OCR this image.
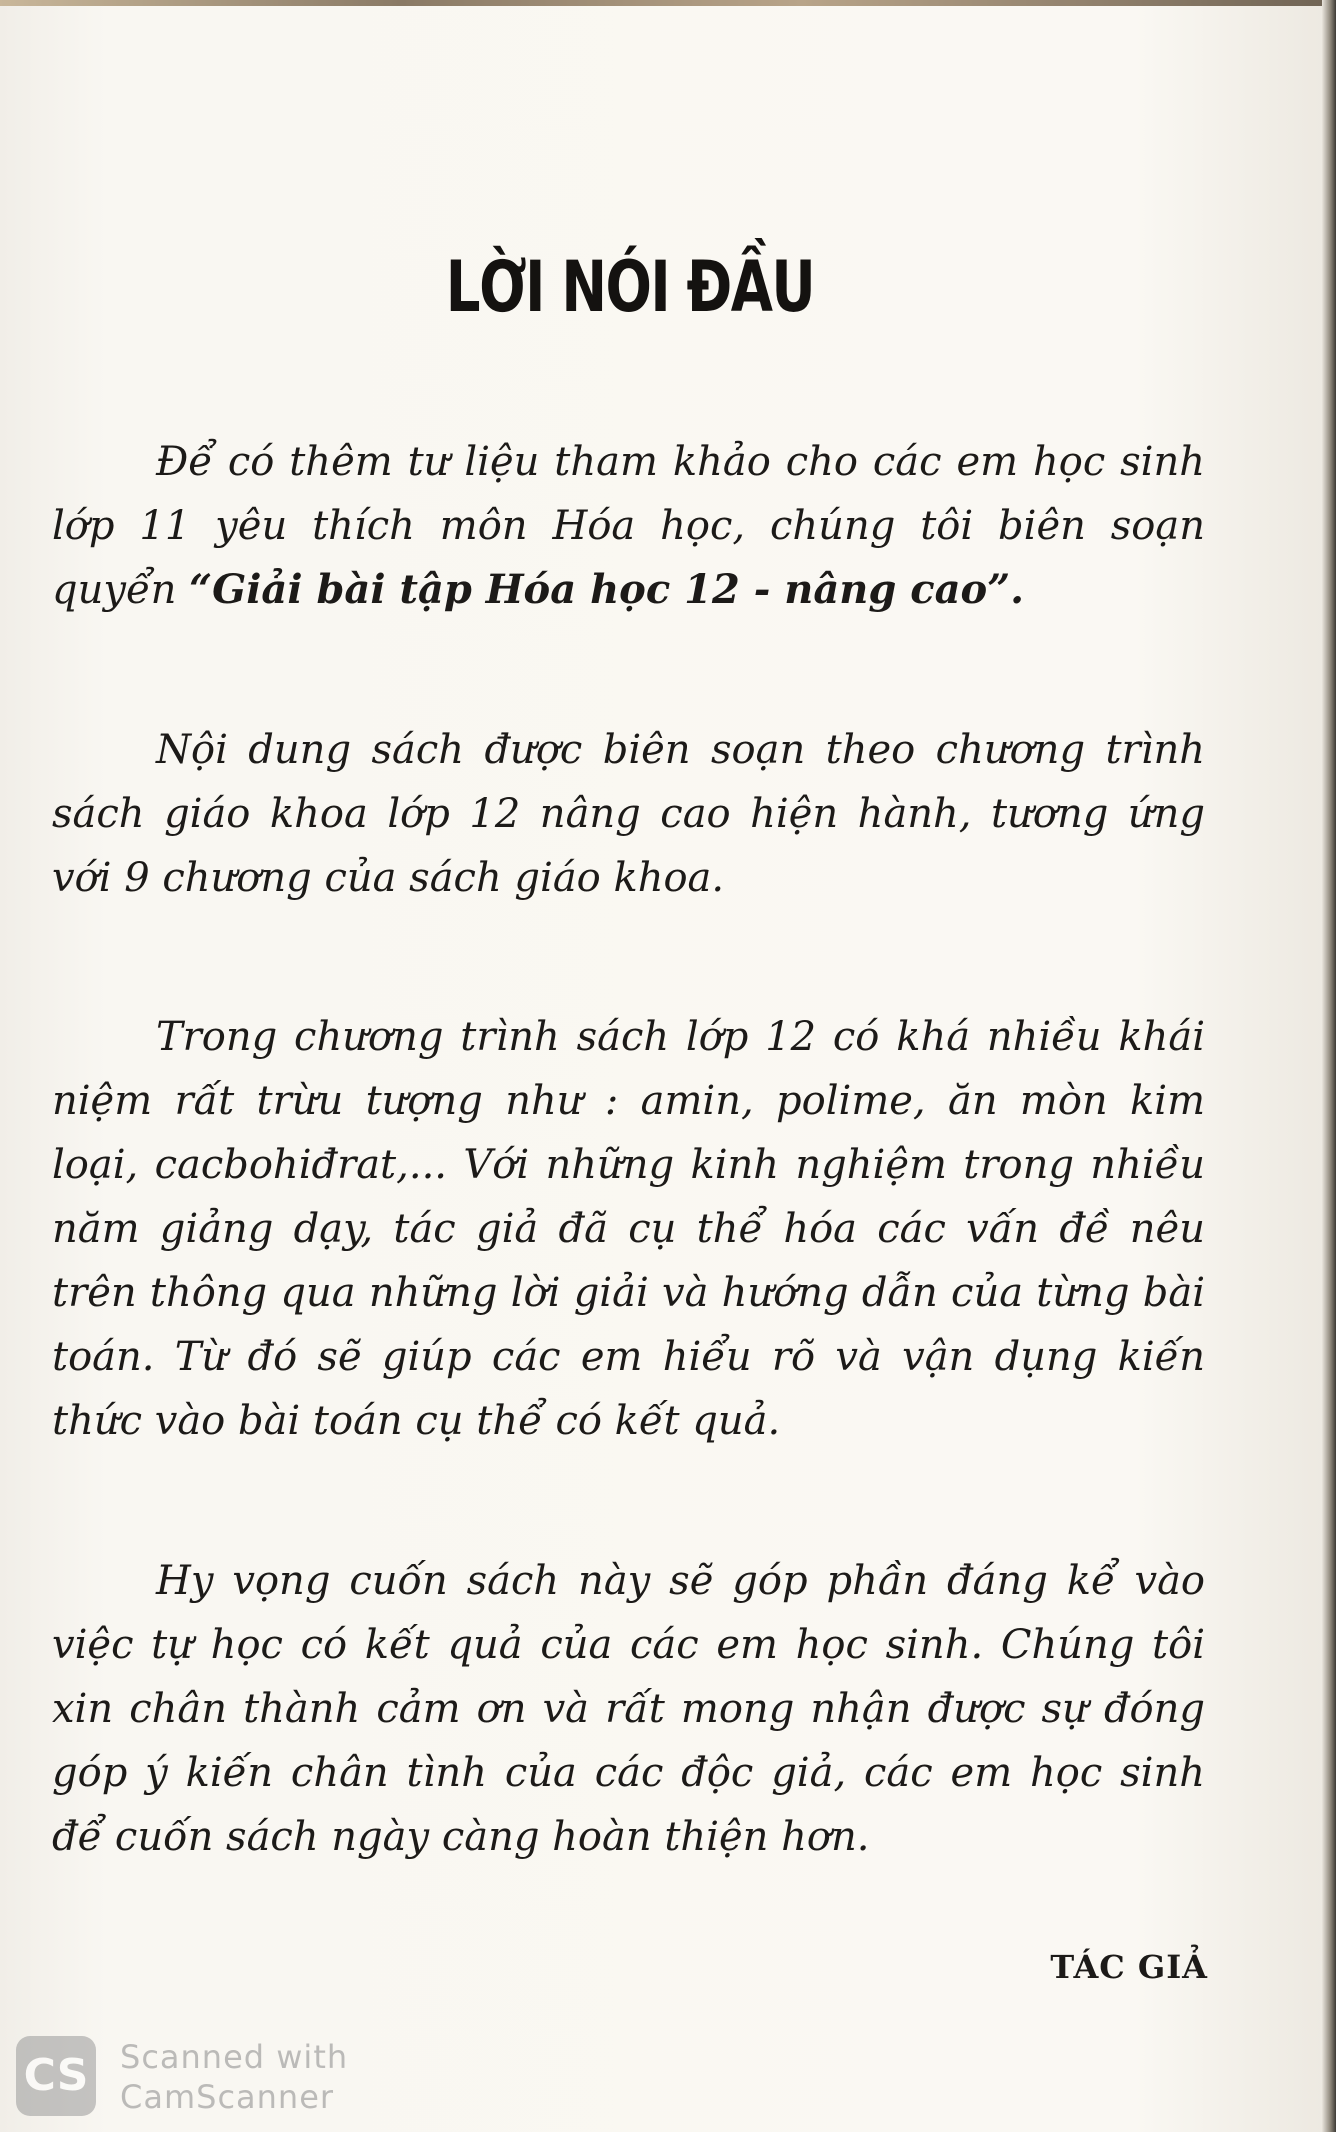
LỜI NÓI ĐẦU

Để có thêm tư liệu tham khảo cho các em học sinh lớp 11 yêu thích môn Hóa học, chúng tôi biên soạn quyển “Giải bài tập Hóa học 12 - nâng cao”.

Nội dung sách được biên soạn theo chương trình sách giáo khoa lớp 12 nâng cao hiện hành, tương ứng với 9 chương của sách giáo khoa.

Trong chương trình sách lớp 12 có khá nhiều khái niệm rất trừu tượng như : amin, polime, ăn mòn kim loại, cacbohiđrat,... Với những kinh nghiệm trong nhiều năm giảng dạy, tác giả đã cụ thể hóa các vấn đề nêu trên thông qua những lời giải và hướng dẫn của từng bài toán. Từ đó sẽ giúp các em hiểu rõ và vận dụng kiến thức vào bài toán cụ thể có kết quả.

Hy vọng cuốn sách này sẽ góp phần đáng kể vào việc tự học có kết quả của các em học sinh. Chúng tôi xin chân thành cảm ơn và rất mong nhận được sự đóng góp ý kiến chân tình của các độc giả, các em học sinh để cuốn sách ngày càng hoàn thiện hơn.

TÁC GIẢ
CS Scanned with
CamScanner
